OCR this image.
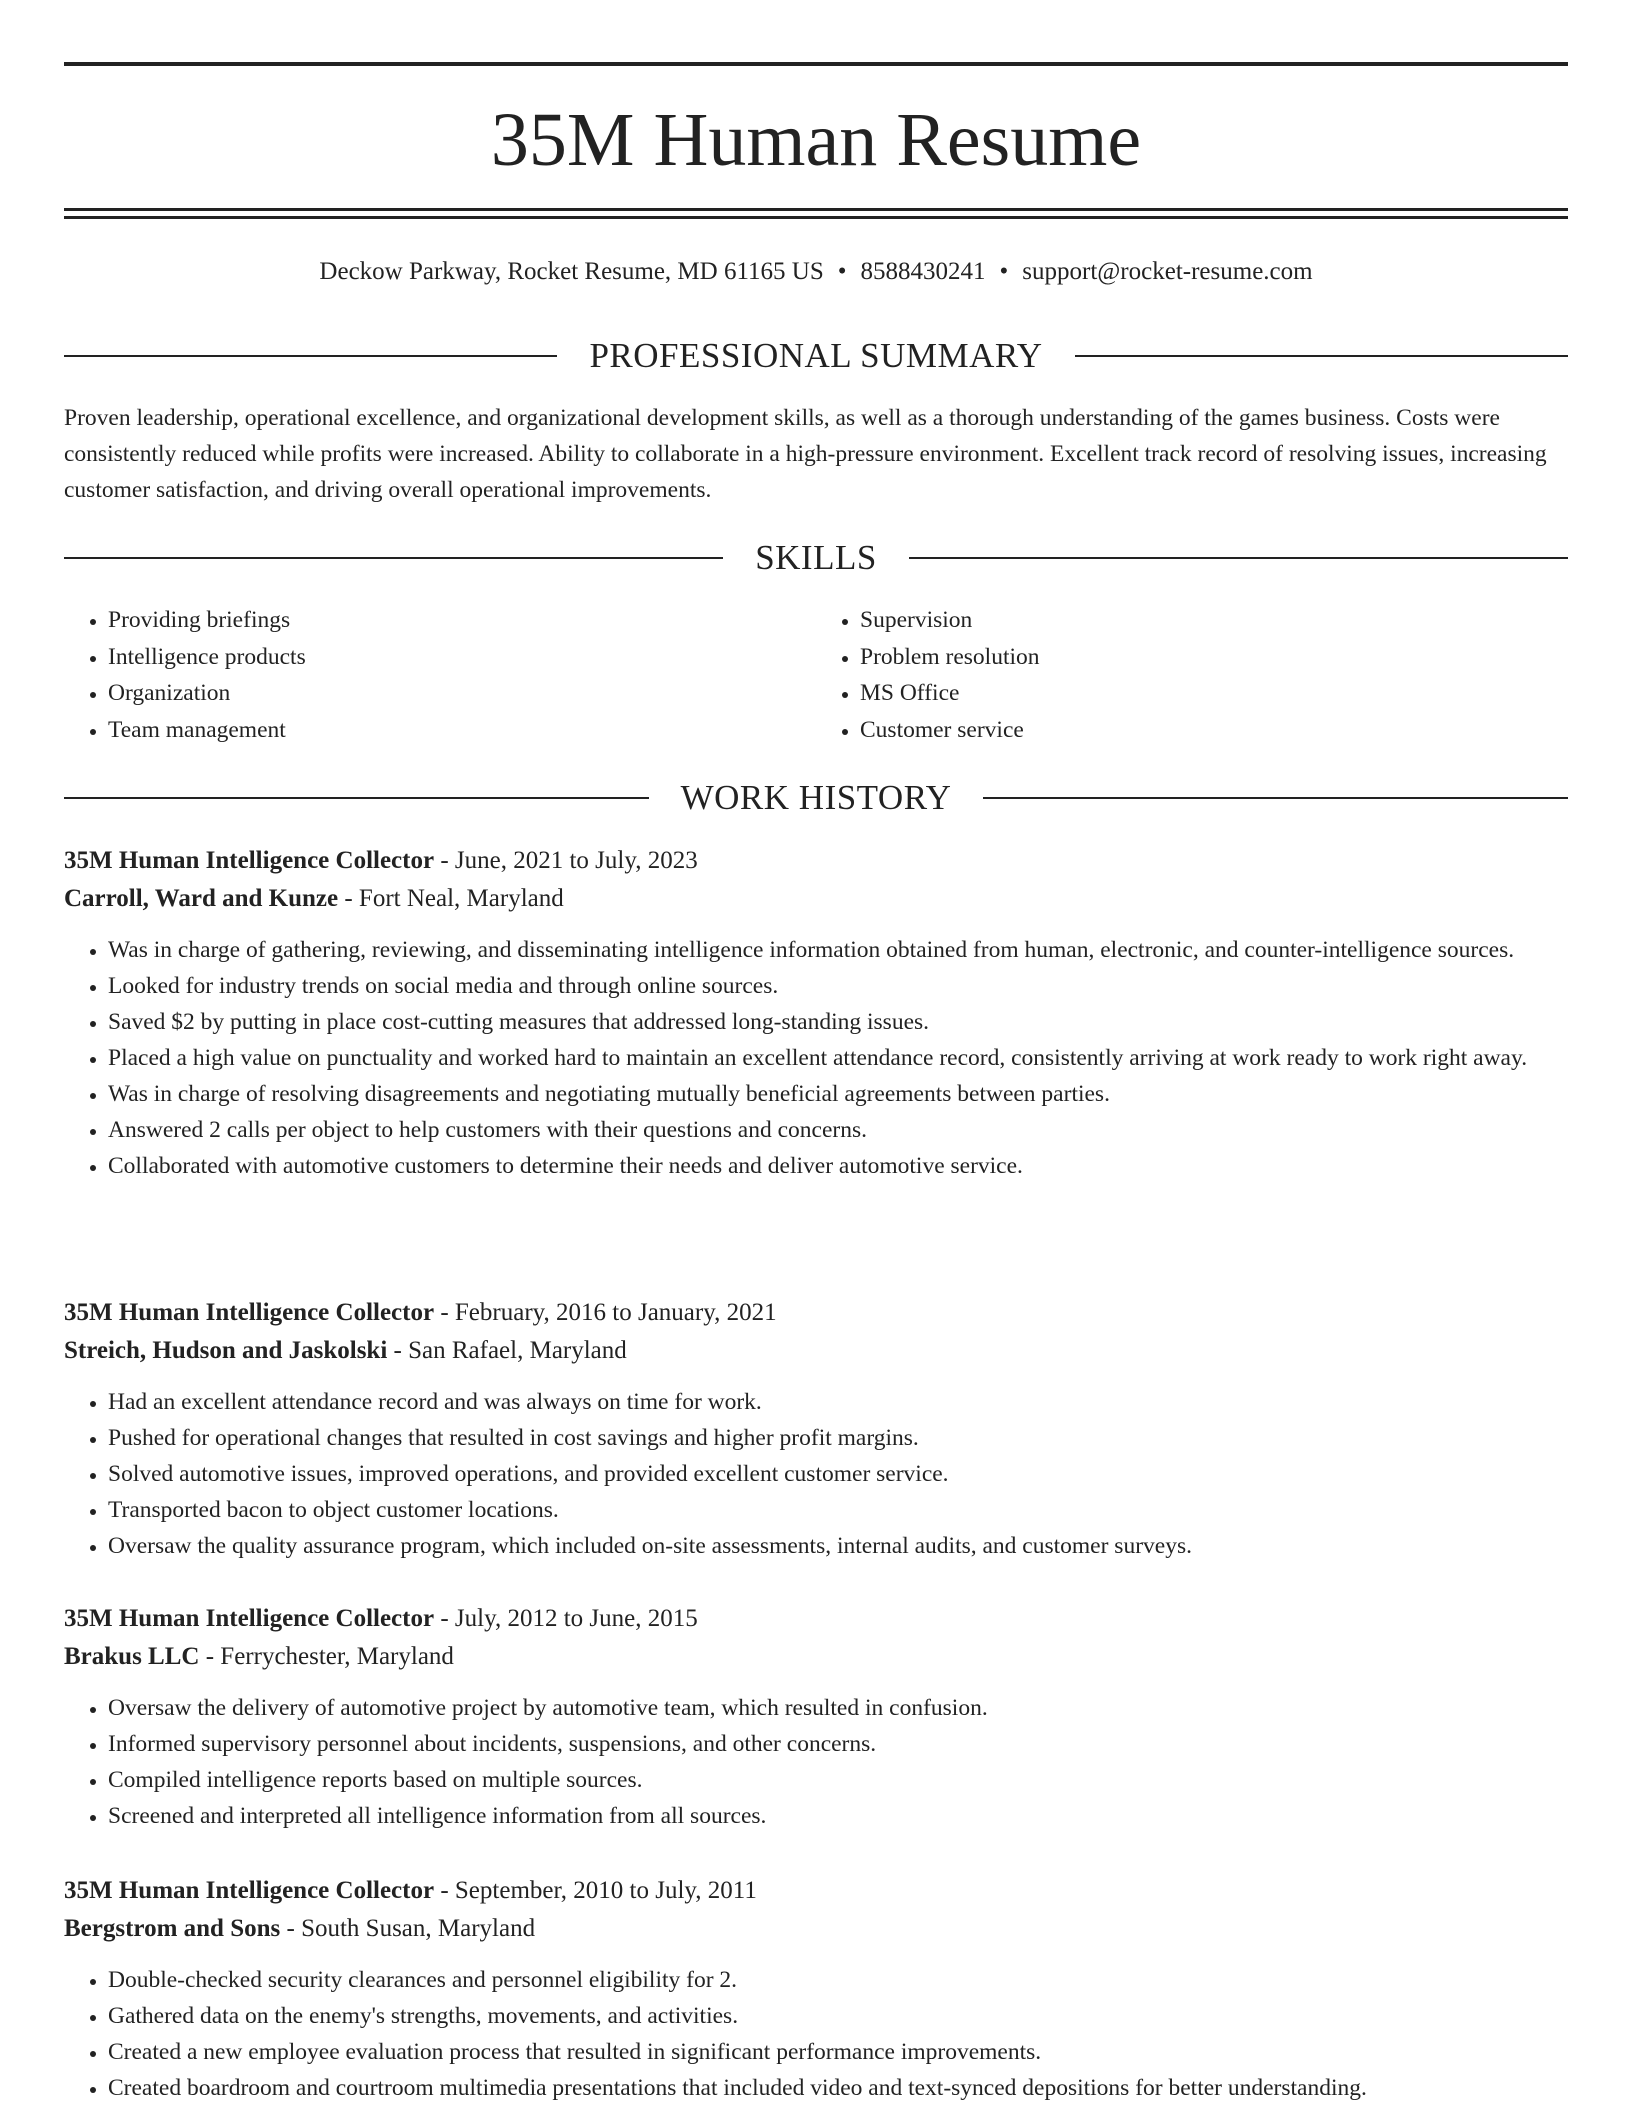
35M Human Resume
Deckow Parkway, Rocket Resume, MD 61165 US • 8588430241 • support@rocket-resume.com
PROFESSIONAL SUMMARY

Proven leadership, operational excellence, and organizational development skills, as well as a thorough understanding of the games business. Costs were consistently reduced while profits were increased. Ability to collaborate in a high-pressure environment. Excellent track record of resolving issues, increasing customer satisfaction, and driving overall operational improvements.

SKILLS
• Providing briefings
• Intelligence products
• Organization
• Team management
• Supervision
• Problem resolution
• MS Office
• Customer service
WORK HISTORY

35M Human Intelligence Collector - June, 2021 to July, 2023

Carroll, Ward and Kunze - Fort Neal, Maryland

• Was in charge of gathering, reviewing, and disseminating intelligence information obtained from human, electronic, and counter-intelligence sources.
• Looked for industry trends on social media and through online sources.
• Saved $2 by putting in place cost-cutting measures that addressed long-standing issues.
• Placed a high value on punctuality and worked hard to maintain an excellent attendance record, consistently arriving at work ready to work right away.
• Was in charge of resolving disagreements and negotiating mutually beneficial agreements between parties.
• Answered 2 calls per object to help customers with their questions and concerns.
• Collaborated with automotive customers to determine their needs and deliver automotive service.

35M Human Intelligence Collector - February, 2016 to January, 2021

Streich, Hudson and Jaskolski - San Rafael, Maryland

• Had an excellent attendance record and was always on time for work.
• Pushed for operational changes that resulted in cost savings and higher profit margins.
• Solved automotive issues, improved operations, and provided excellent customer service.
• Transported bacon to object customer locations.
• Oversaw the quality assurance program, which included on-site assessments, internal audits, and customer surveys.

35M Human Intelligence Collector - July, 2012 to June, 2015

Brakus LLC - Ferrychester, Maryland

• Oversaw the delivery of automotive project by automotive team, which resulted in confusion.
• Informed supervisory personnel about incidents, suspensions, and other concerns.
• Compiled intelligence reports based on multiple sources.
• Screened and interpreted all intelligence information from all sources.

35M Human Intelligence Collector - September, 2010 to July, 2011

Bergstrom and Sons - South Susan, Maryland

• Double-checked security clearances and personnel eligibility for 2.
• Gathered data on the enemy's strengths, movements, and activities.
• Created a new employee evaluation process that resulted in significant performance improvements.
• Created boardroom and courtroom multimedia presentations that included video and text-synced depositions for better understanding.
